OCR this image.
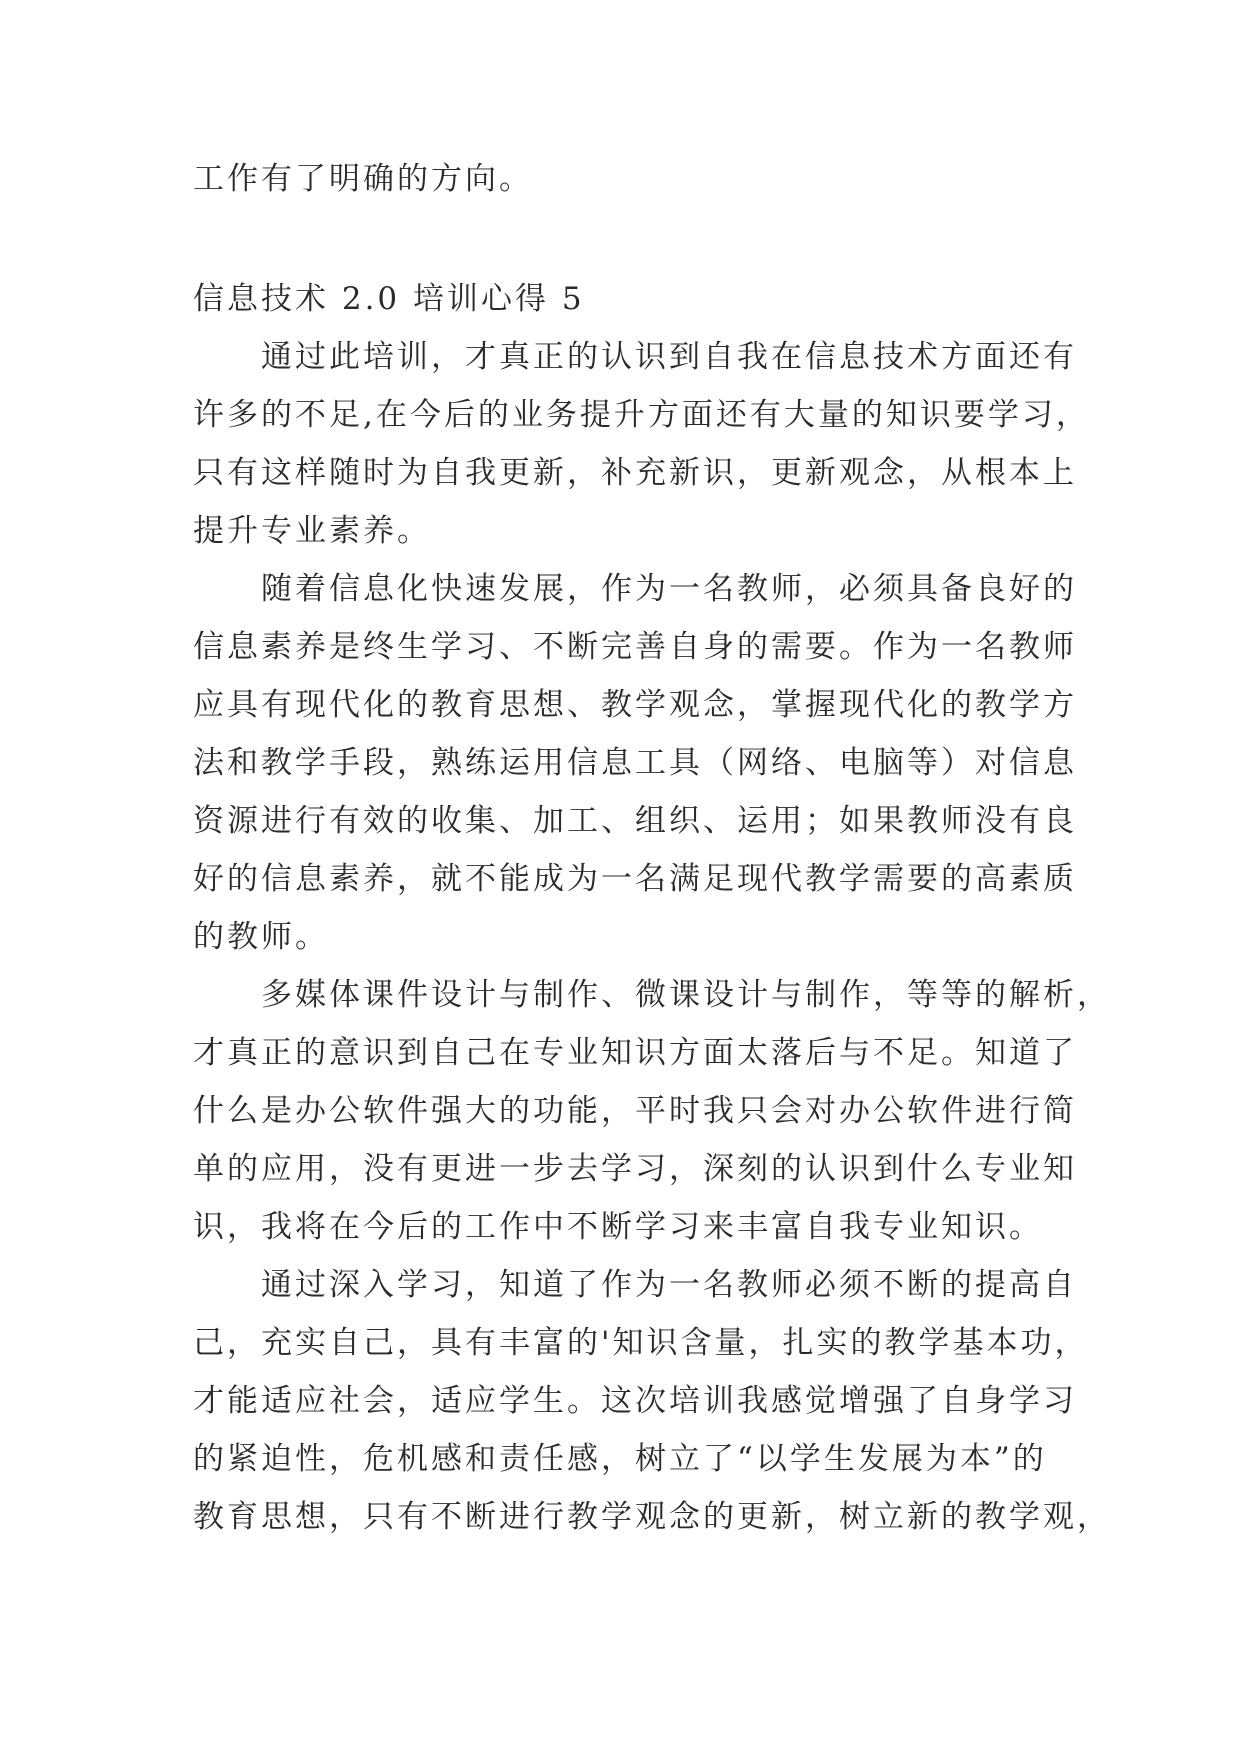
工作有了明确的方向。
信息技术 2.0 培训心得 5
通过此培训，才真正的认识到自我在信息技术方面还有
许多的不足,在今后的业务提升方面还有大量的知识要学习，
只有这样随时为自我更新，补充新识，更新观念，从根本上
提升专业素养。
随着信息化快速发展，作为一名教师，必须具备良好的
信息素养是终生学习、不断完善自身的需要。作为一名教师
应具有现代化的教育思想、教学观念，掌握现代化的教学方
法和教学手段，熟练运用信息工具（网络、电脑等）对信息
资源进行有效的收集、加工、组织、运用；如果教师没有良
好的信息素养，就不能成为一名满足现代教学需要的高素质
的教师。
多媒体课件设计与制作、微课设计与制作，等等的解析，
才真正的意识到自己在专业知识方面太落后与不足。知道了
什么是办公软件强大的功能，平时我只会对办公软件进行简
单的应用，没有更进一步去学习，深刻的认识到什么专业知
识，我将在今后的工作中不断学习来丰富自我专业知识。
通过深入学习，知道了作为一名教师必须不断的提高自
己，充实自己，具有丰富的'知识含量，扎实的教学基本功，
才能适应社会，适应学生。这次培训我感觉增强了自身学习
的紧迫性，危机感和责任感，树立了“以学生发展为本”的
教育思想，只有不断进行教学观念的更新，树立新的教学观，
